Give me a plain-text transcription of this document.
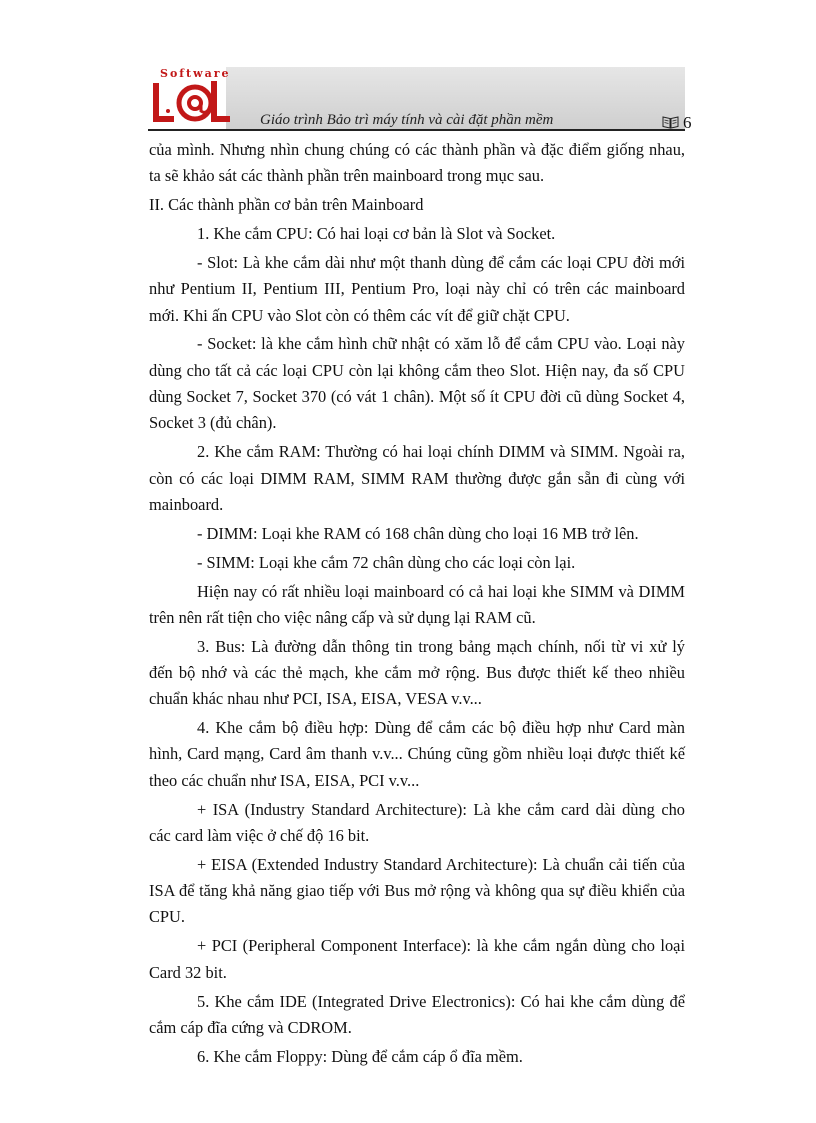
Software
Giáo trình Bảo trì máy tính và cài đặt phần mềm	6

của mình. Nhưng nhìn chung chúng có các thành phần và đặc điểm giống nhau, ta sẽ khảo sát các thành phần trên mainboard trong mục sau.

II. Các thành phần cơ bản trên Mainboard

1. Khe cắm CPU: Có hai loại cơ bản là Slot và Socket.

- Slot: Là khe cắm dài như một thanh dùng để cắm các loại CPU đời mới như Pentium II, Pentium III, Pentium Pro, loại này chỉ có trên các mainboard mới. Khi ấn CPU vào Slot còn có thêm các vít để giữ chặt CPU.

- Socket: là khe cắm hình chữ nhật có xăm lỗ để cắm CPU vào. Loại này dùng cho tất cả các loại CPU còn lại không cắm theo Slot. Hiện nay, đa số CPU dùng Socket 7, Socket 370 (có vát 1 chân). Một số ít CPU đời cũ dùng Socket 4, Socket 3 (đủ chân).

2. Khe cắm RAM: Thường có hai loại chính DIMM và SIMM. Ngoài ra, còn có các loại DIMM RAM, SIMM RAM thường được gắn sẵn đi cùng với mainboard.

- DIMM: Loại khe RAM có 168 chân dùng cho loại 16 MB trở lên.

- SIMM: Loại khe cắm 72 chân dùng cho các loại còn lại.

Hiện nay có rất nhiều loại mainboard có cả hai loại khe SIMM và DIMM trên nên rất tiện cho việc nâng cấp và sử dụng lại RAM cũ.

3. Bus: Là đường dẫn thông tin trong bảng mạch chính, nối từ vi xử lý đến bộ nhớ và các thẻ mạch, khe cắm mở rộng. Bus được thiết kế theo nhiều chuẩn khác nhau như PCI, ISA, EISA, VESA v.v...

4. Khe cắm bộ điều hợp: Dùng để cắm các bộ điều hợp như Card màn hình, Card mạng, Card âm thanh v.v... Chúng cũng gồm nhiều loại được thiết kế theo các chuẩn như ISA, EISA, PCI v.v...

+ ISA (Industry Standard Architecture): Là khe cắm card dài dùng cho các card làm việc ở chế độ 16 bit.

+ EISA (Extended Industry Standard Architecture): Là chuẩn cải tiến của ISA để tăng khả năng giao tiếp với Bus mở rộng và không qua sự điều khiển của CPU.

+ PCI (Peripheral Component Interface): là khe cắm ngắn dùng cho loại Card 32 bit.

5. Khe cắm IDE (Integrated Drive Electronics): Có hai khe cắm dùng để cắm cáp đĩa cứng và CDROM.

6. Khe cắm Floppy: Dùng để cắm cáp ổ đĩa mềm.
